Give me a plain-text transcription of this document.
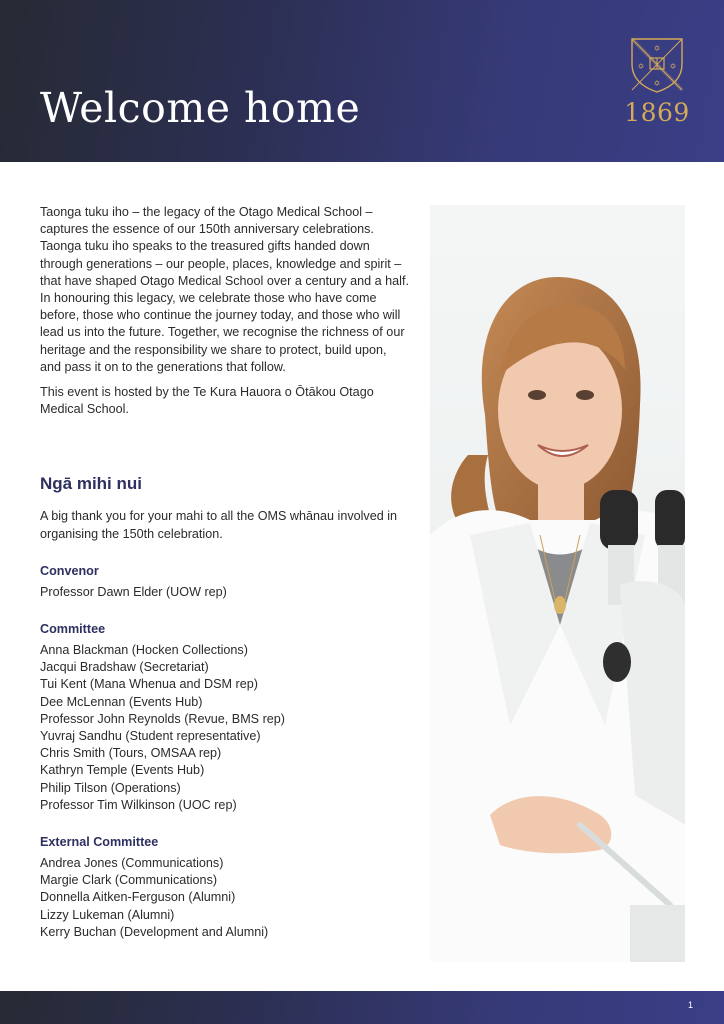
Welcome home
✡
✡	✡
✡
1869

Taonga tuku iho – the legacy of the Otago Medical School – captures the essence of our 150th anniversary celebrations. Taonga tuku iho speaks to the treasured gifts handed down through generations – our people, places, knowledge and spirit – that have shaped Otago Medical School over a century and a half. In honouring this legacy, we celebrate those who have come before, those who continue the journey today, and those who will lead us into the future. Together, we recognise the richness of our heritage and the responsibility we share to protect, build upon, and pass it on to the generations that follow.

This event is hosted by the Te Kura Hauora o Ōtākou Otago Medical School.

Ngā mihi nui

A big thank you for your mahi to all the OMS whānau involved in organising the 150th celebration.

Convenor
Professor Dawn Elder (UOW rep)
Committee
Anna Blackman (Hocken Collections)
Jacqui Bradshaw (Secretariat)
Tui Kent (Mana Whenua and DSM rep)
Dee McLennan (Events Hub)
Professor John Reynolds (Revue, BMS rep)
Yuvraj Sandhu (Student representative)
Chris Smith (Tours, OMSAA rep)
Kathryn Temple (Events Hub)
Philip Tilson (Operations)
Professor Tim Wilkinson (UOC rep)
External Committee
Andrea Jones (Communications)
Margie Clark (Communications)
Donnella Aitken-Ferguson (Alumni)
Lizzy Lukeman (Alumni)
Kerry Buchan (Development and Alumni)
1
